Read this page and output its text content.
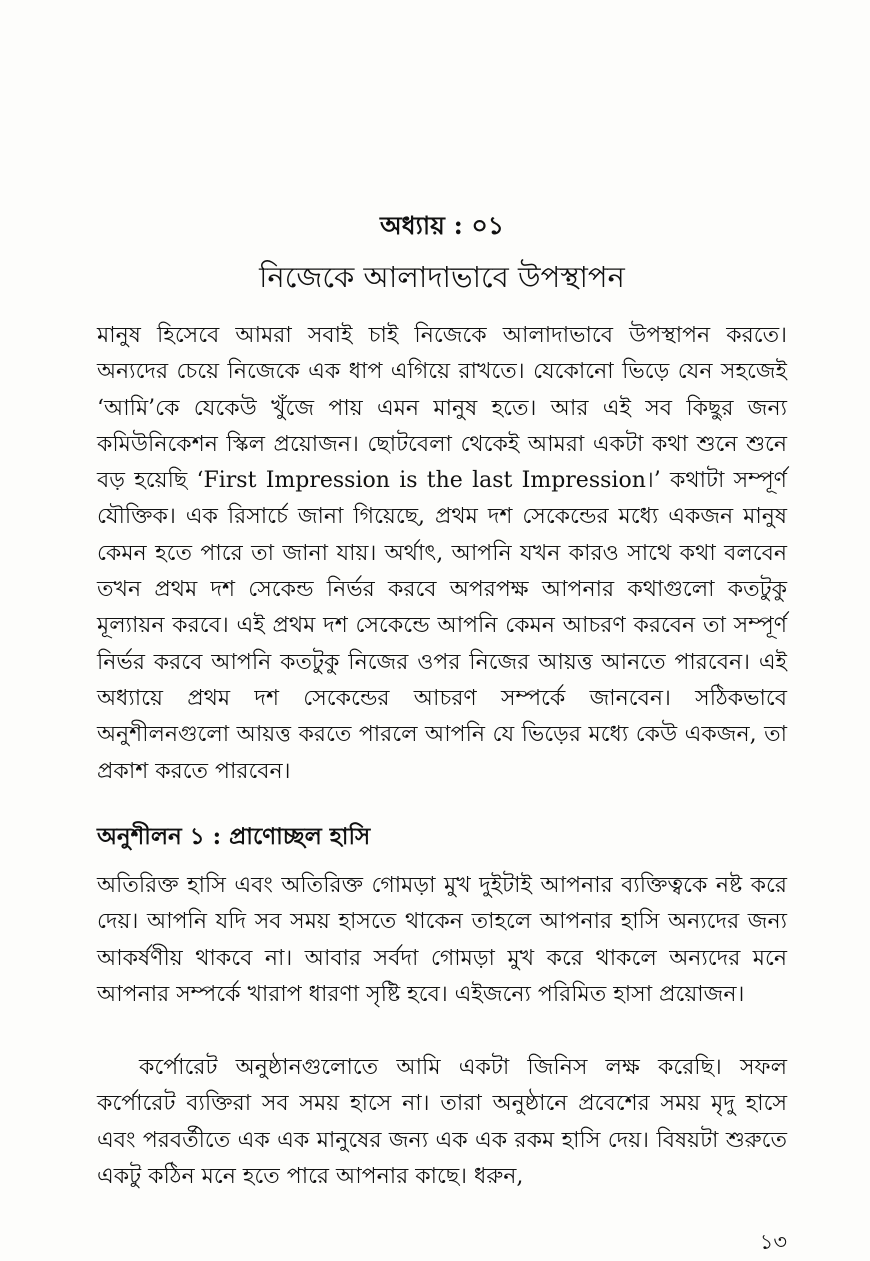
অধ্যায় : ০১
নিজেকে আলাদাভাবে উপস্থাপন

মানুষ হিসেবে আমরা সবাই চাই নিজেকে আলাদাভাবে উপস্থাপন করতে। অন্যদের চেয়ে নিজেকে এক ধাপ এগিয়ে রাখতে। যেকোনো ভিড়ে যেন সহজেই ‘আমি’কে যেকেউ খুঁজে পায় এমন মানুষ হতে। আর এই সব কিছুর জন্য কমিউনিকেশন স্কিল প্রয়োজন। ছোটবেলা থেকেই আমরা একটা কথা শুনে শুনে বড় হয়েছি ‘First Impression is the last Impression।’ কথাটা সম্পূর্ণ যৌক্তিক। এক রিসার্চে জানা গিয়েছে, প্রথম দশ সেকেন্ডের মধ্যে একজন মানুষ কেমন হতে পারে তা জানা যায়। অর্থাৎ, আপনি যখন কারও সাথে কথা বলবেন তখন প্রথম দশ সেকেন্ড নির্ভর করবে অপরপক্ষ আপনার কথাগুলো কতটুকু মূল্যায়ন করবে। এই প্রথম দশ সেকেন্ডে আপনি কেমন আচরণ করবেন তা সম্পূর্ণ নির্ভর করবে আপনি কতটুকু নিজের ওপর নিজের আয়ত্ত আনতে পারবেন। এই অধ্যায়ে প্রথম দশ সেকেন্ডের আচরণ সম্পর্কে জানবেন। সঠিকভাবে অনুশীলনগুলো আয়ত্ত করতে পারলে আপনি যে ভিড়ের মধ্যে কেউ একজন, তা প্রকাশ করতে পারবেন।

অনুশীলন ১ : প্রাণোচ্ছল হাসি

অতিরিক্ত হাসি এবং অতিরিক্ত গোমড়া মুখ দুইটাই আপনার ব্যক্তিত্বকে নষ্ট করে দেয়। আপনি যদি সব সময় হাসতে থাকেন তাহলে আপনার হাসি অন্যদের জন্য আকর্ষণীয় থাকবে না। আবার সর্বদা গোমড়া মুখ করে থাকলে অন্যদের মনে আপনার সম্পর্কে খারাপ ধারণা সৃষ্টি হবে। এইজন্যে পরিমিত হাসা প্রয়োজন।

কর্পোরেট অনুষ্ঠানগুলোতে আমি একটা জিনিস লক্ষ করেছি। সফল কর্পোরেট ব্যক্তিরা সব সময় হাসে না। তারা অনুষ্ঠানে প্রবেশের সময় মৃদু হাসে এবং পরবর্তীতে এক এক মানুষের জন্য এক এক রকম হাসি দেয়। বিষয়টা শুরুতে একটু কঠিন মনে হতে পারে আপনার কাছে। ধরুন,

১৩
